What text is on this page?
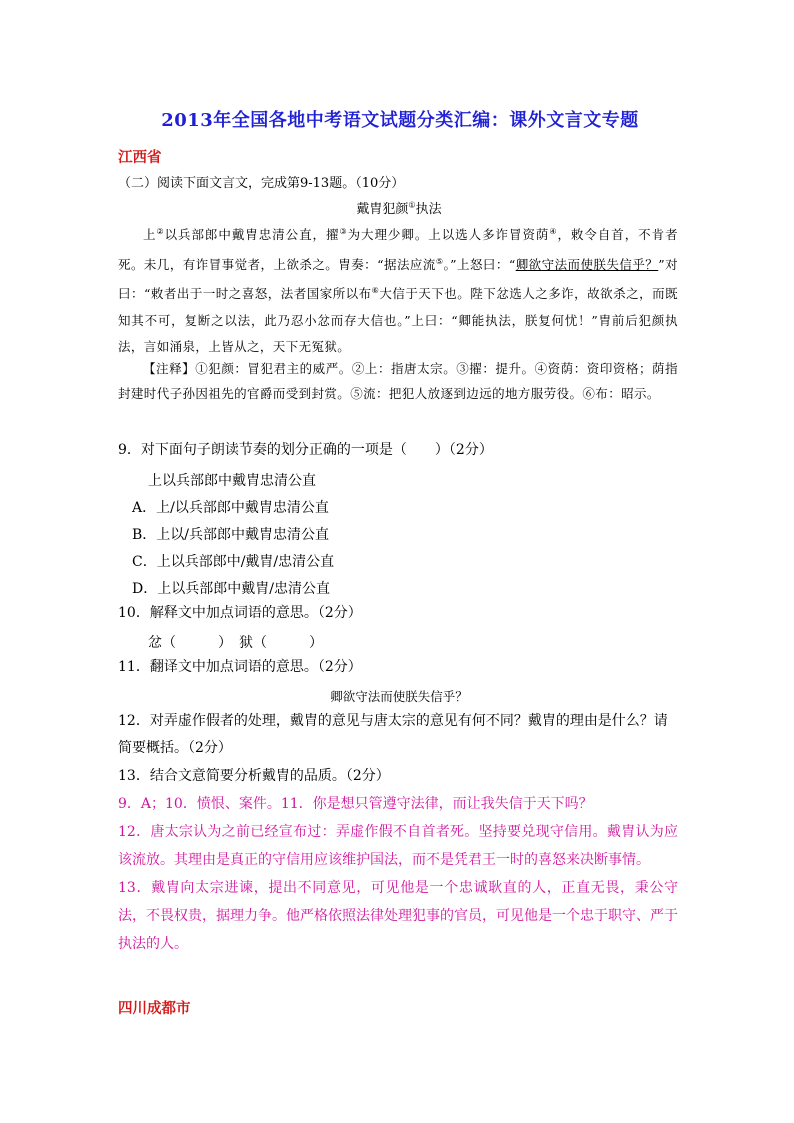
2013年全国各地中考语文试题分类汇编：课外文言文专题
江西省
（二）阅读下面文言文，完成第9-13题。（10分）
戴胄犯颜①执法
上②以兵部郎中戴胄忠清公直，擢③为大理少卿。上以选人多诈冒资荫④，敕令自首，不肯者死。未几，有诈冒事觉者，上欲杀之。胄奏：“据法应流⑤。”上怒曰：“卿欲守法而使朕失信乎？”对曰：“敕者出于一时之喜怒，法者国家所以布⑥大信于天下也。陛下忿选人之多诈，故欲杀之，而既知其不可，复断之以法，此乃忍小忿而存大信也。”上曰：“卿能执法，朕复何忧！”胄前后犯颜执法，言如涌泉，上皆从之，天下无冤狱。
【注释】①犯颜：冒犯君主的威严。②上：指唐太宗。③擢：提升。④资荫：资印资格；荫指封建时代子孙因祖先的官爵而受到封赏。⑤流：把犯人放逐到边远的地方服劳役。⑥布：昭示。
9．对下面句子朗读节奏的划分正确的一项是（　　）（2分）
上以兵部郎中戴胄忠清公直
A．上/以兵部郎中戴胄忠清公直
B．上以/兵部郎中戴胄忠清公直
C．上以兵部郎中/戴胄/忠清公直
D．上以兵部郎中戴胄/忠清公直
10．解释文中加点词语的意思。（2分）
忿（　　　）　狱（　　　）
11．翻译文中加点词语的意思。（2分）
卿欲守法而使朕失信乎？
12．对弄虚作假者的处理，戴胄的意见与唐太宗的意见有何不同？戴胄的理由是什么？请简要概括。（2分）
13．结合文意简要分析戴胄的品质。（2分）
9．A；10．愤恨、案件。11．你是想只管遵守法律，而让我失信于天下吗？
12．唐太宗认为之前已经宣布过：弄虚作假不自首者死。坚持要兑现守信用。戴胄认为应该流放。其理由是真正的守信用应该维护国法，而不是凭君王一时的喜怒来决断事情。
13．戴胄向太宗进谏，提出不同意见，可见他是一个忠诚耿直的人，正直无畏，秉公守法，不畏权贵，据理力争。他严格依照法律处理犯事的官员，可见他是一个忠于职守、严于执法的人。
四川成都市
